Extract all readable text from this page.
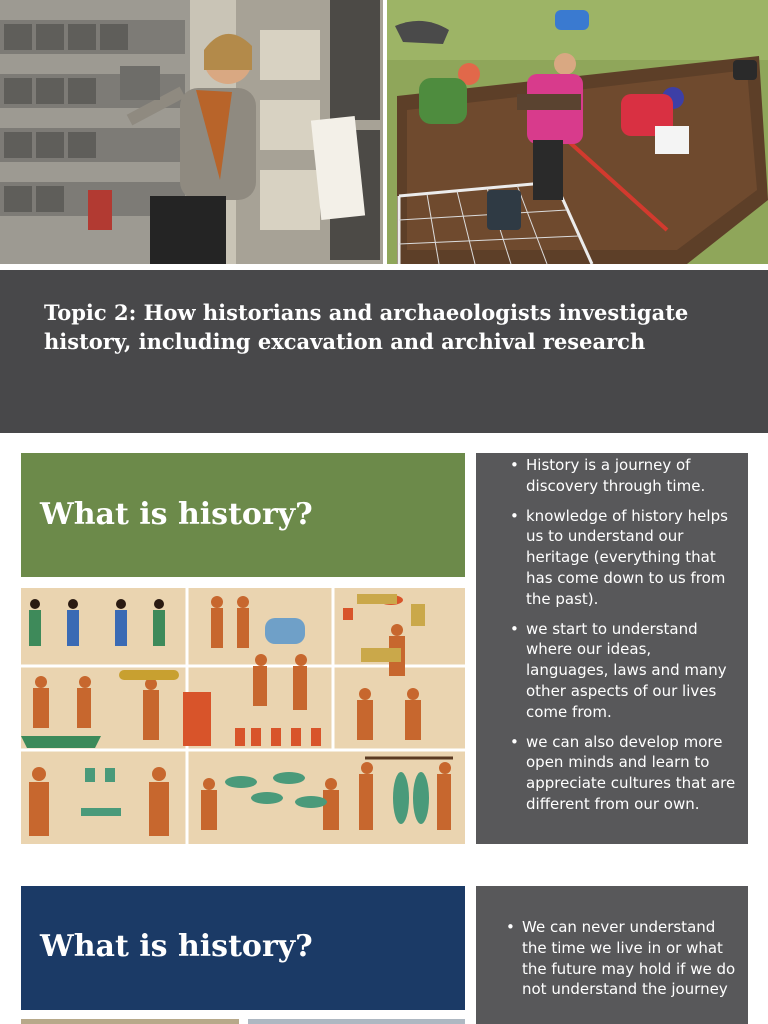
Topic 2: How historians and archaeologists investigate history, including excavation and archival research
What is history?
• History is a journey of discovery through time.
• knowledge of history helps us to understand our heritage (everything that has come down to us from the past).
• we start to understand where our ideas, languages, laws and many other aspects of our lives come from.
• we can also develop more open minds and learn to appreciate cultures that are different from our own.
What is history?
• We can never understand the time we live in or what the future may hold if we do not understand the journey
